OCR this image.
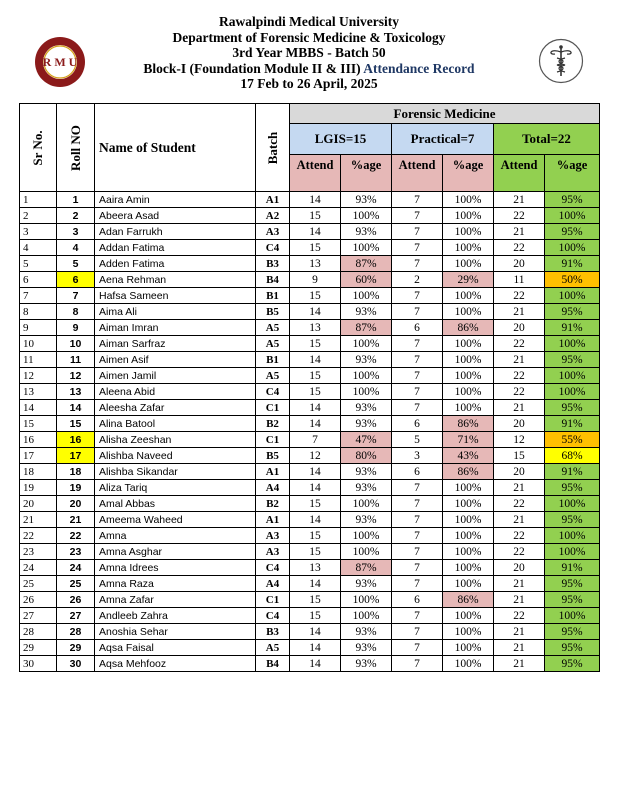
Rawalpindi Medical University
Department of Forensic Medicine & Toxicology
3rd Year MBBS - Batch 50
Block-I (Foundation Module II & III) Attendance Record
17 Feb to 26 April, 2025
R M U
Sr No.	Roll NO	Name of Student	Batch	Forensic Medicine					
				LGIS=15		Practical=7		Total=22	
				Attend	%age	Attend	%age	Attend	%age
1	1	Aaira Amin	A1	14	93%	7	100%	21	95%
2	2	Abeera Asad	A2	15	100%	7	100%	22	100%
3	3	Adan Farrukh	A3	14	93%	7	100%	21	95%
4	4	Addan Fatima	C4	15	100%	7	100%	22	100%
5	5	Adden Fatima	B3	13	87%	7	100%	20	91%
6	6	Aena Rehman	B4	9	60%	2	29%	11	50%
7	7	Hafsa Sameen	B1	15	100%	7	100%	22	100%
8	8	Aima Ali	B5	14	93%	7	100%	21	95%
9	9	Aiman Imran	A5	13	87%	6	86%	20	91%
10	10	Aiman Sarfraz	A5	15	100%	7	100%	22	100%
11	11	Aimen Asif	B1	14	93%	7	100%	21	95%
12	12	Aimen Jamil	A5	15	100%	7	100%	22	100%
13	13	Aleena Abid	C4	15	100%	7	100%	22	100%
14	14	Aleesha Zafar	C1	14	93%	7	100%	21	95%
15	15	Alina Batool	B2	14	93%	6	86%	20	91%
16	16	Alisha Zeeshan	C1	7	47%	5	71%	12	55%
17	17	Alishba Naveed	B5	12	80%	3	43%	15	68%
18	18	Alishba Sikandar	A1	14	93%	6	86%	20	91%
19	19	Aliza Tariq	A4	14	93%	7	100%	21	95%
20	20	Amal Abbas	B2	15	100%	7	100%	22	100%
21	21	Ameema Waheed	A1	14	93%	7	100%	21	95%
22	22	Amna	A3	15	100%	7	100%	22	100%
23	23	Amna Asghar	A3	15	100%	7	100%	22	100%
24	24	Amna Idrees	C4	13	87%	7	100%	20	91%
25	25	Amna Raza	A4	14	93%	7	100%	21	95%
26	26	Amna Zafar	C1	15	100%	6	86%	21	95%
27	27	Andleeb Zahra	C4	15	100%	7	100%	22	100%
28	28	Anoshia Sehar	B3	14	93%	7	100%	21	95%
29	29	Aqsa Faisal	A5	14	93%	7	100%	21	95%
30	30	Aqsa Mehfooz	B4	14	93%	7	100%	21	95%
